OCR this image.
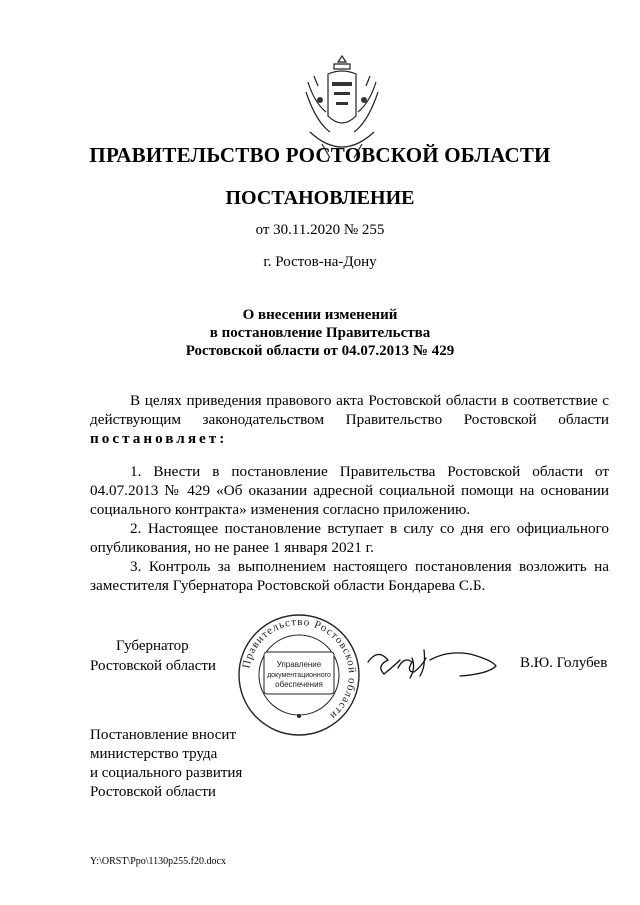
ПРАВИТЕЛЬСТВО РОСТОВСКОЙ ОБЛАСТИ
ПОСТАНОВЛЕНИЕ
от 30.11.2020 № 255
г. Ростов-на-Дону
О внесении изменений
в постановление Правительства
Ростовской области от 04.07.2013 № 429
В целях приведения правового акта Ростовской области в соответствие с действующим законодательством Правительство Ростовской области постановляет:
1. Внести в постановление Правительства Ростовской области от 04.07.2013 № 429 «Об оказании адресной социальной помощи на основании социального контракта» изменения согласно приложению.
2. Настоящее постановление вступает в силу со дня его официального опубликования, но не ранее 1 января 2021 г.
3. Контроль за выполнением настоящего постановления возложить на заместителя Губернатора Ростовской области Бондарева С.Б.
Губернатор
Ростовской области Правительство Ростовской области
Управление
документационного
обеспечения
В.Ю. Голубев
Постановление вносит
министерство труда
и социального развития
Ростовской области
Y:\ORST\Ppo\1130p255.f20.docx
